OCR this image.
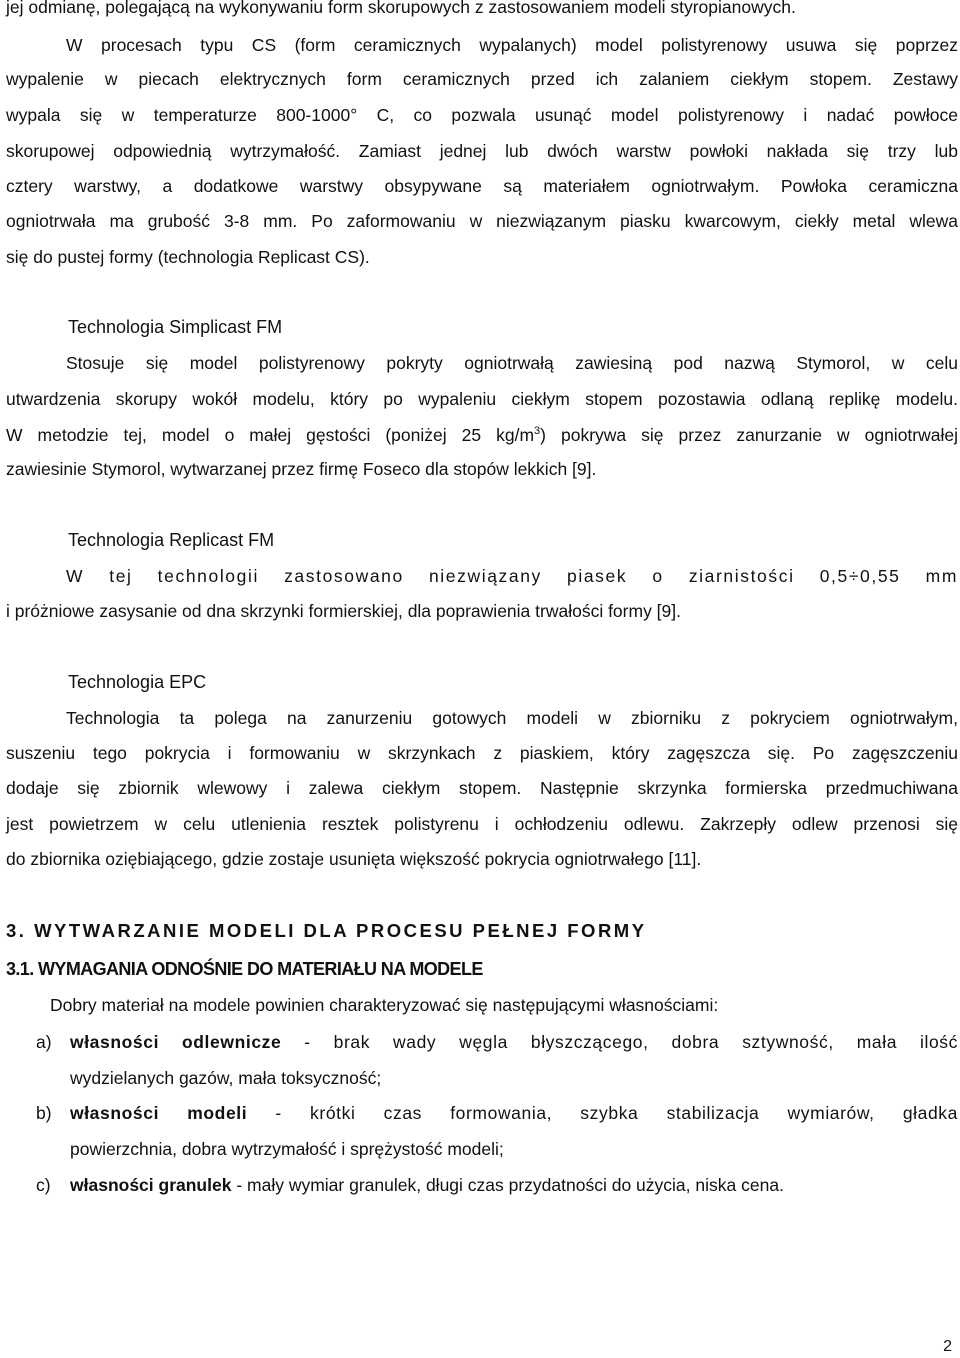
jej odmianę, polegającą na wykonywaniu form skorupowych z zastosowaniem modeli styropianowych.
W procesach typu CS (form ceramicznych wypalanych) model polistyrenowy usuwa się poprzez
wypalenie w piecach elektrycznych form ceramicznych przed ich zalaniem ciekłym stopem. Zestawy
wypala się w temperaturze 800-1000° C, co pozwala usunąć model polistyrenowy i nadać powłoce
skorupowej odpowiednią wytrzymałość. Zamiast jednej lub dwóch warstw powłoki nakłada się trzy lub
cztery warstwy, a dodatkowe warstwy obsypywane są materiałem ogniotrwałym. Powłoka ceramiczna
ogniotrwała ma grubość 3-8 mm. Po zaformowaniu w niezwiązanym piasku kwarcowym, ciekły metal wlewa
się do pustej formy (technologia Replicast CS).
Technologia Simplicast FM
Stosuje się model polistyrenowy pokryty ogniotrwałą zawiesiną pod nazwą Stymorol, w celu
utwardzenia skorupy wokół modelu, który po wypaleniu ciekłym stopem pozostawia odlaną replikę modelu.
W metodzie tej, model o małej gęstości (poniżej 25 $kg/m^3$) pokrywa się przez zanurzanie w ogniotrwałej
zawiesinie Stymorol, wytwarzanej przez firmę Foseco dla stopów lekkich [9].
Technologia Replicast FM
W tej technologii zastosowano niezwiązany piasek o ziarnistości 0,5÷0,55 mm
i próżniowe zasysanie od dna skrzynki formierskiej, dla poprawienia trwałości formy [9].
Technologia EPC
Technologia ta polega na zanurzeniu gotowych modeli w zbiorniku z pokryciem ogniotrwałym,
suszeniu tego pokrycia i formowaniu w skrzynkach z piaskiem, który zagęszcza się. Po zagęszczeniu
dodaje się zbiornik wlewowy i zalewa ciekłym stopem. Następnie skrzynka formierska przedmuchiwana
jest powietrzem w celu utlenienia resztek polistyrenu i ochłodzeniu odlewu. Zakrzepły odlew przenosi się
do zbiornika oziębiającego, gdzie zostaje usunięta większość pokrycia ogniotrwałego [11].
3. WYTWARZANIE MODELI DLA PROCESU PEŁNEJ FORMY
3.1. WYMAGANIA ODNOŚNIE DO MATERIAŁU NA MODELE
Dobry materiał na modele powinien charakteryzować się następującymi własnościami:
a) własności odlewnicze - brak wady węgla błyszczącego, dobra sztywność, mała ilość
wydzielanych gazów, mała toksyczność;
b) własności modeli - krótki czas formowania, szybka stabilizacja wymiarów, gładka
powierzchnia, dobra wytrzymałość i sprężystość modeli;
c) własności granulek - mały wymiar granulek, długi czas przydatności do użycia, niska cena.
2
